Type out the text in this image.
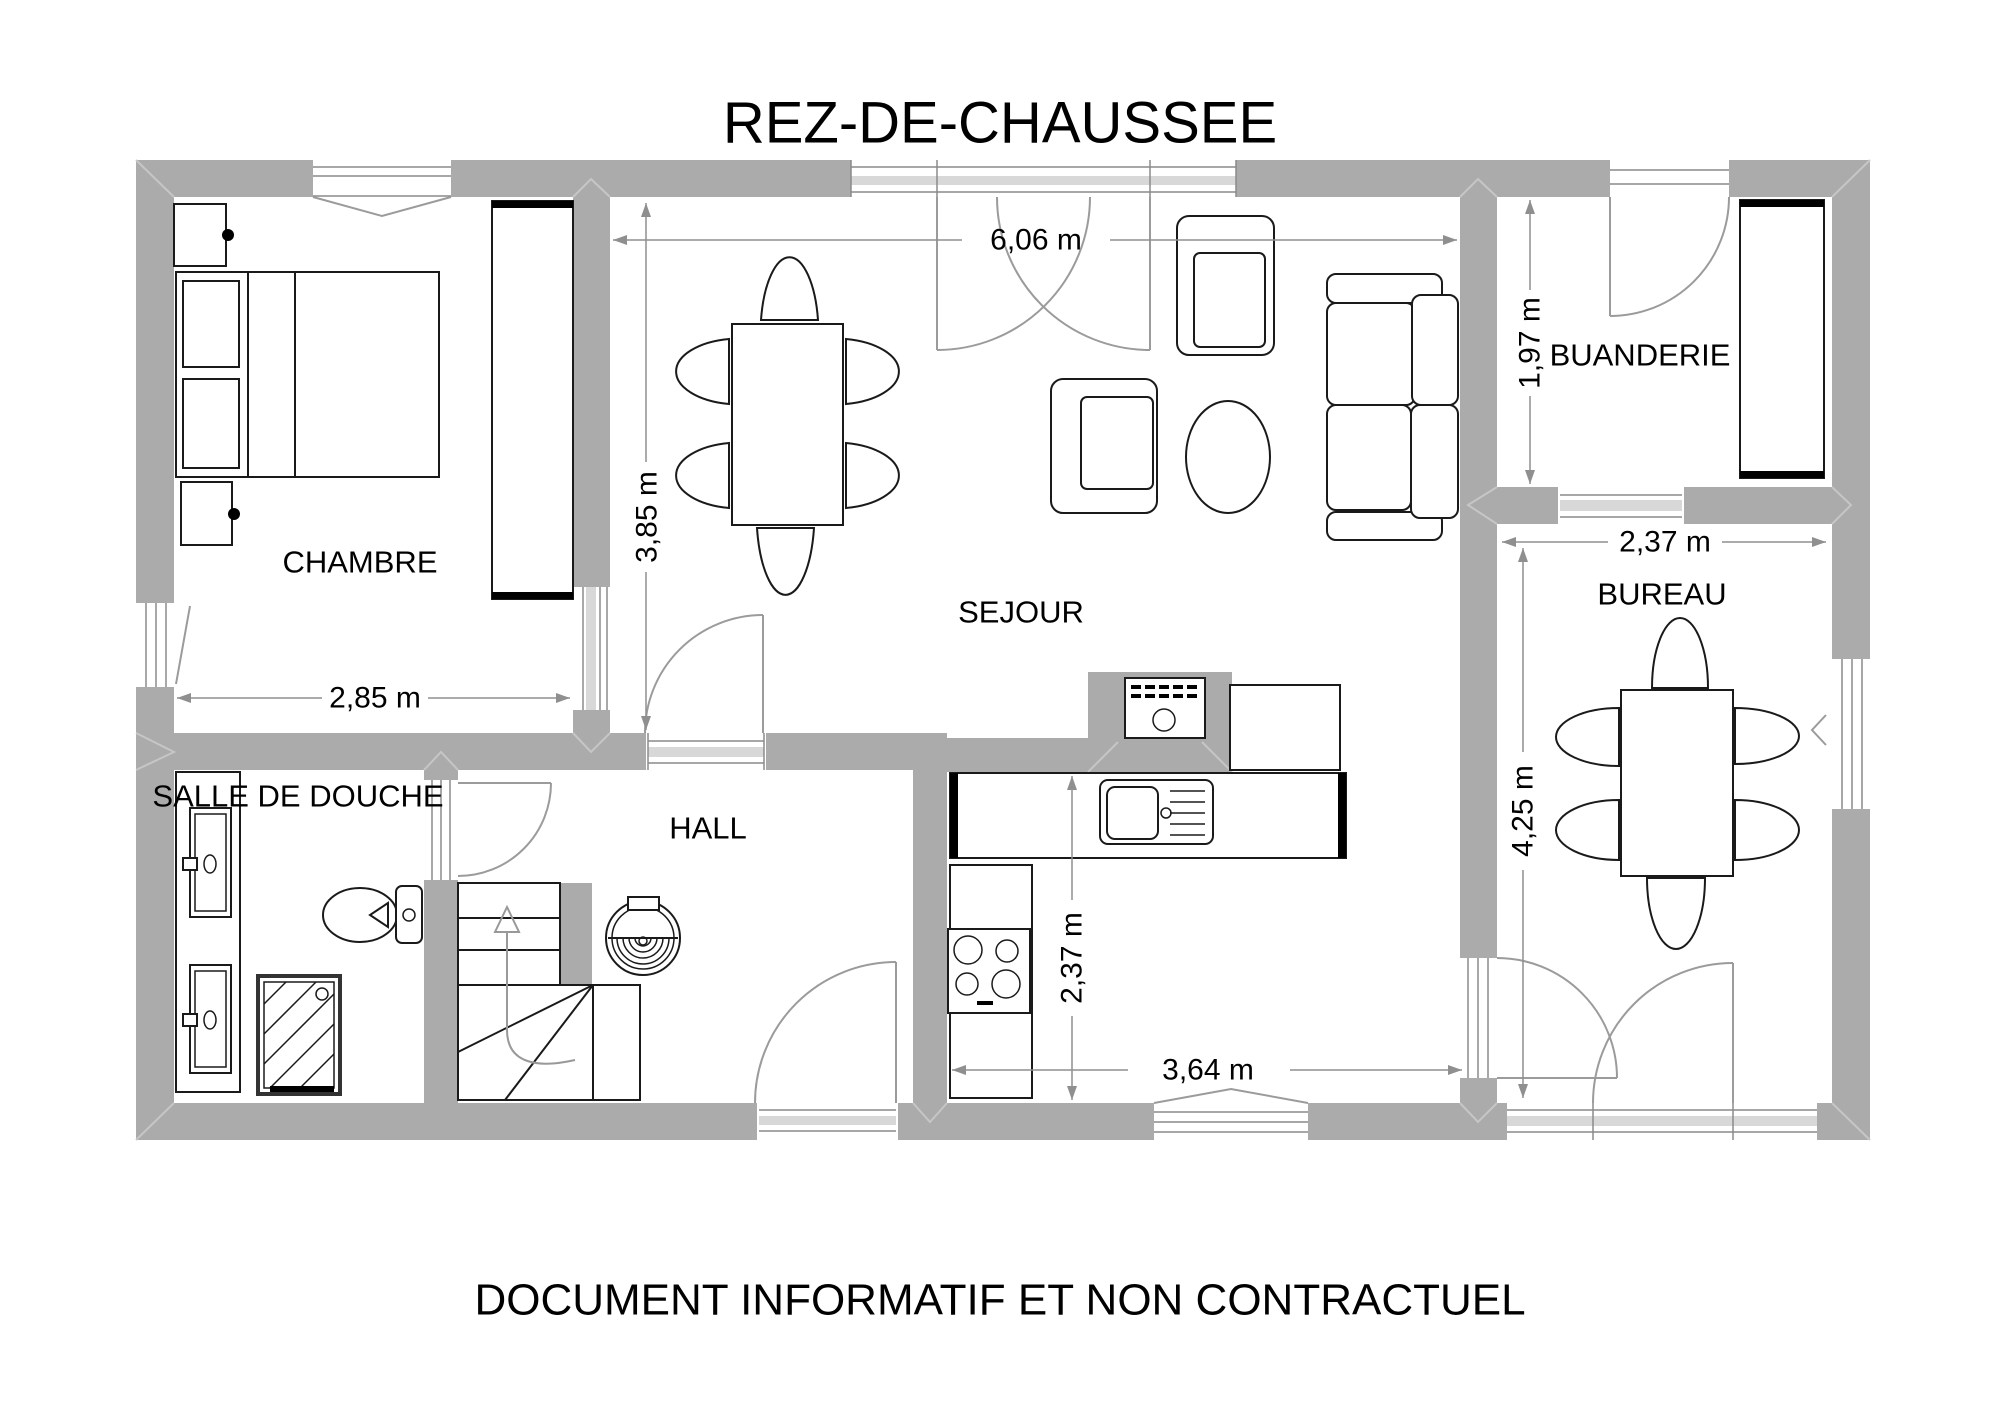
6,06 m
3,85 m
2,85 m
1,97 m
2,37 m
4,25 m
2,37 m
3,64 m
CHAMBRE
SEJOUR
BUANDERIE
BUREAU
SALLE DE DOUCHE
HALL
REZ-DE-CHAUSSEE
DOCUMENT INFORMATIF ET NON CONTRACTUEL
